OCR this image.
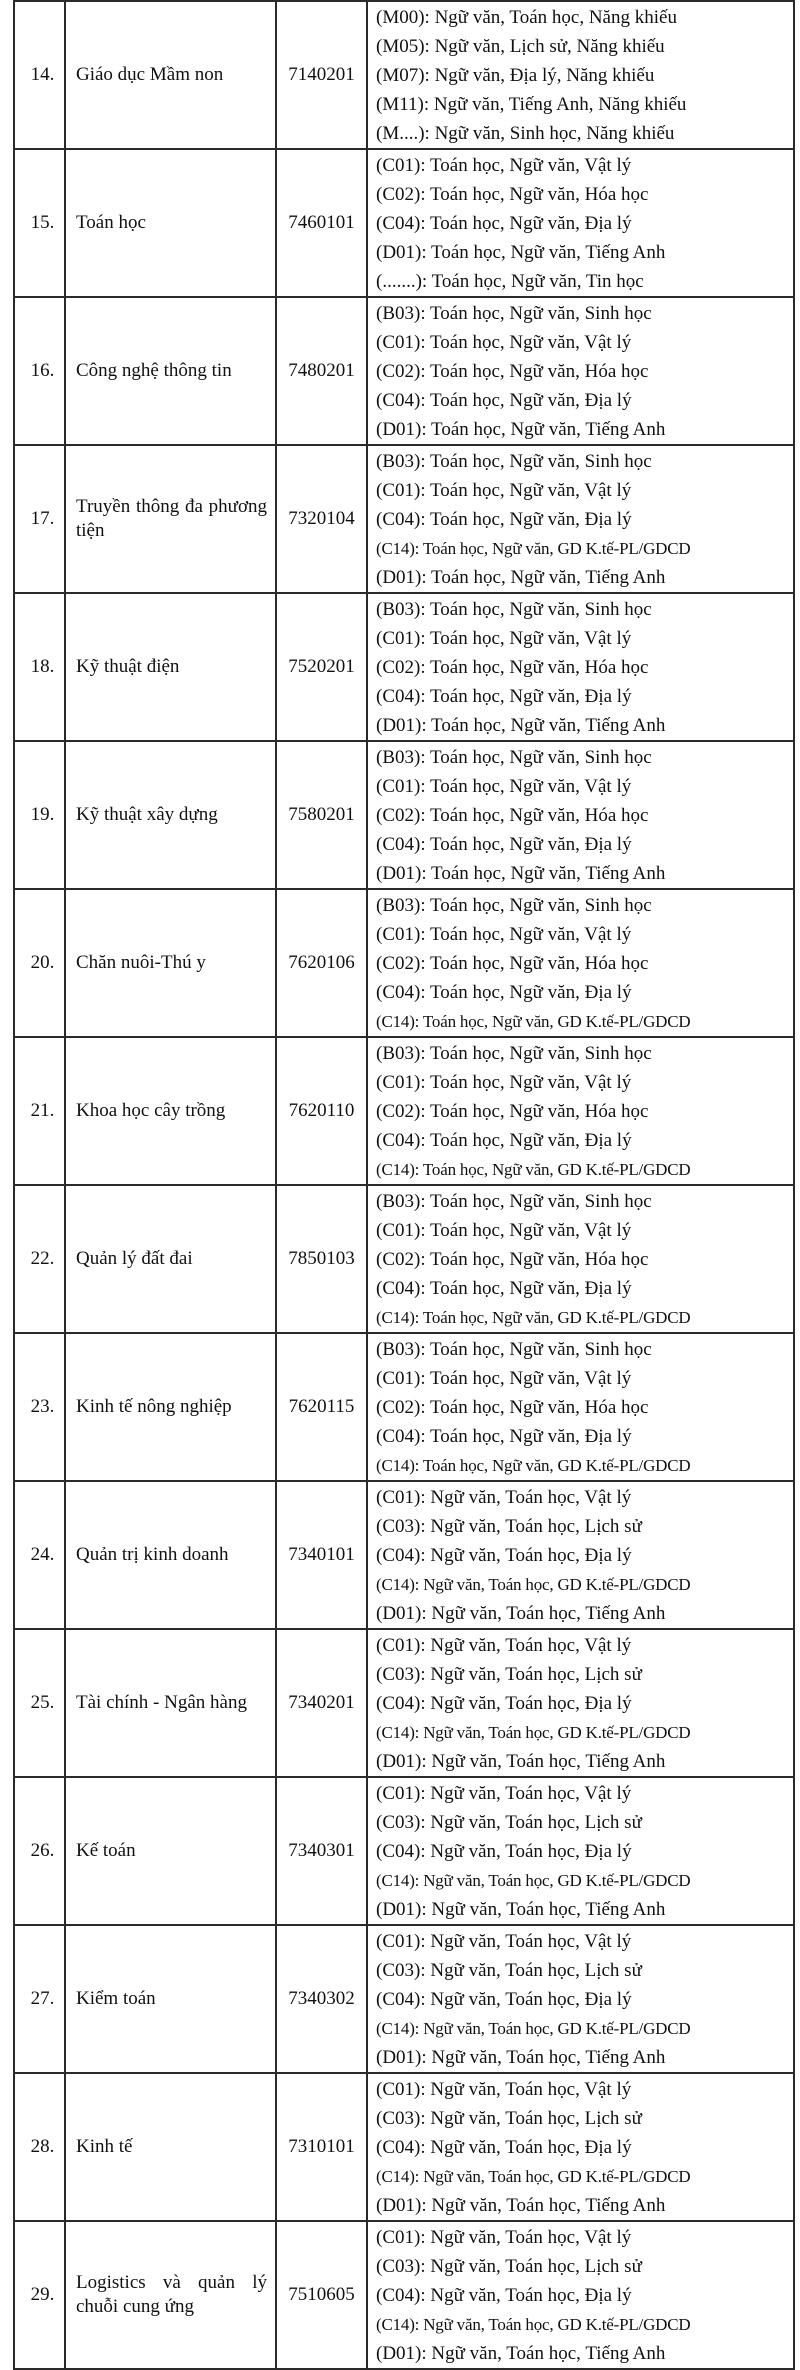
14.	Giáo dục Mầm non	7140201	(M00): Ngữ văn, Toán học, Năng khiếu
(M05): Ngữ văn, Lịch sử, Năng khiếu
(M07): Ngữ văn, Địa lý, Năng khiếu
(M11): Ngữ văn, Tiếng Anh, Năng khiếu
(M....): Ngữ văn, Sinh học, Năng khiếu

15.	Toán học	7460101	(C01): Toán học, Ngữ văn, Vật lý
(C02): Toán học, Ngữ văn, Hóa học
(C04): Toán học, Ngữ văn, Địa lý
(D01): Toán học, Ngữ văn, Tiếng Anh
(.......): Toán học, Ngữ văn, Tin học

16.	Công nghệ thông tin	7480201	(B03): Toán học, Ngữ văn, Sinh học
(C01): Toán học, Ngữ văn, Vật lý
(C02): Toán học, Ngữ văn, Hóa học
(C04): Toán học, Ngữ văn, Địa lý
(D01): Toán học, Ngữ văn, Tiếng Anh

17.	Truyền thông đa phương tiện	7320104	(B03): Toán học, Ngữ văn, Sinh học
(C01): Toán học, Ngữ văn, Vật lý
(C04): Toán học, Ngữ văn, Địa lý
(C14): Toán học, Ngữ văn, GD K.tế-PL/GDCD
(D01): Toán học, Ngữ văn, Tiếng Anh

18.	Kỹ thuật điện	7520201	(B03): Toán học, Ngữ văn, Sinh học
(C01): Toán học, Ngữ văn, Vật lý
(C02): Toán học, Ngữ văn, Hóa học
(C04): Toán học, Ngữ văn, Địa lý
(D01): Toán học, Ngữ văn, Tiếng Anh

19.	Kỹ thuật xây dựng	7580201	(B03): Toán học, Ngữ văn, Sinh học
(C01): Toán học, Ngữ văn, Vật lý
(C02): Toán học, Ngữ văn, Hóa học
(C04): Toán học, Ngữ văn, Địa lý
(D01): Toán học, Ngữ văn, Tiếng Anh

20.	Chăn nuôi-Thú y	7620106	(B03): Toán học, Ngữ văn, Sinh học
(C01): Toán học, Ngữ văn, Vật lý
(C02): Toán học, Ngữ văn, Hóa học
(C04): Toán học, Ngữ văn, Địa lý
(C14): Toán học, Ngữ văn, GD K.tế-PL/GDCD

21.	Khoa học cây trồng	7620110	(B03): Toán học, Ngữ văn, Sinh học
(C01): Toán học, Ngữ văn, Vật lý
(C02): Toán học, Ngữ văn, Hóa học
(C04): Toán học, Ngữ văn, Địa lý
(C14): Toán học, Ngữ văn, GD K.tế-PL/GDCD

22.	Quản lý đất đai	7850103	(B03): Toán học, Ngữ văn, Sinh học
(C01): Toán học, Ngữ văn, Vật lý
(C02): Toán học, Ngữ văn, Hóa học
(C04): Toán học, Ngữ văn, Địa lý
(C14): Toán học, Ngữ văn, GD K.tế-PL/GDCD

23.	Kinh tế nông nghiệp	7620115	(B03): Toán học, Ngữ văn, Sinh học
(C01): Toán học, Ngữ văn, Vật lý
(C02): Toán học, Ngữ văn, Hóa học
(C04): Toán học, Ngữ văn, Địa lý
(C14): Toán học, Ngữ văn, GD K.tế-PL/GDCD

24.	Quản trị kinh doanh	7340101	(C01): Ngữ văn, Toán học, Vật lý
(C03): Ngữ văn, Toán học, Lịch sử
(C04): Ngữ văn, Toán học, Địa lý
(C14): Ngữ văn, Toán học, GD K.tế-PL/GDCD
(D01): Ngữ văn, Toán học, Tiếng Anh

25.	Tài chính - Ngân hàng	7340201	(C01): Ngữ văn, Toán học, Vật lý
(C03): Ngữ văn, Toán học, Lịch sử
(C04): Ngữ văn, Toán học, Địa lý
(C14): Ngữ văn, Toán học, GD K.tế-PL/GDCD
(D01): Ngữ văn, Toán học, Tiếng Anh

26.	Kế toán	7340301	(C01): Ngữ văn, Toán học, Vật lý
(C03): Ngữ văn, Toán học, Lịch sử
(C04): Ngữ văn, Toán học, Địa lý
(C14): Ngữ văn, Toán học, GD K.tế-PL/GDCD
(D01): Ngữ văn, Toán học, Tiếng Anh

27.	Kiểm toán	7340302	(C01): Ngữ văn, Toán học, Vật lý
(C03): Ngữ văn, Toán học, Lịch sử
(C04): Ngữ văn, Toán học, Địa lý
(C14): Ngữ văn, Toán học, GD K.tế-PL/GDCD
(D01): Ngữ văn, Toán học, Tiếng Anh

28.	Kinh tế	7310101	(C01): Ngữ văn, Toán học, Vật lý
(C03): Ngữ văn, Toán học, Lịch sử
(C04): Ngữ văn, Toán học, Địa lý
(C14): Ngữ văn, Toán học, GD K.tế-PL/GDCD
(D01): Ngữ văn, Toán học, Tiếng Anh

29.	Logistics và quản lý chuỗi cung ứng	7510605	(C01): Ngữ văn, Toán học, Vật lý
(C03): Ngữ văn, Toán học, Lịch sử
(C04): Ngữ văn, Toán học, Địa lý
(C14): Ngữ văn, Toán học, GD K.tế-PL/GDCD
(D01): Ngữ văn, Toán học, Tiếng Anh
